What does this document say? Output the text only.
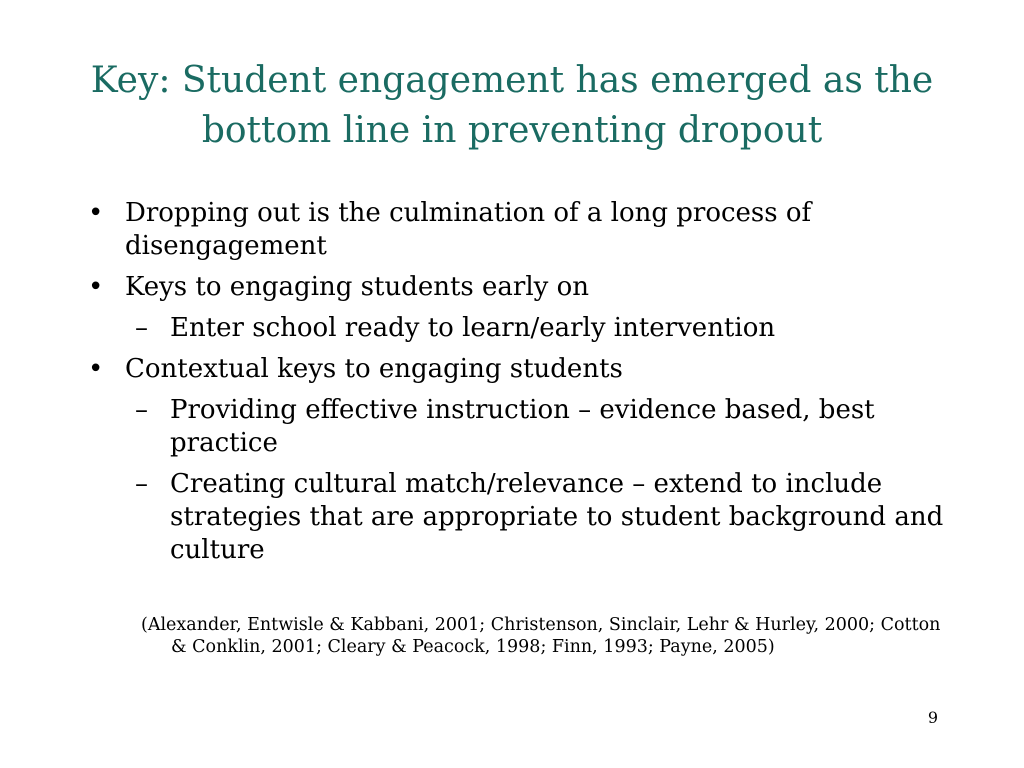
Key: Student engagement has emerged as the
bottom line in preventing dropout
• Dropping out is the culmination of a long process of disengagement
• Keys to engaging students early on
– Enter school ready to learn/early intervention
• Contextual keys to engaging students
– Providing effective instruction – evidence based, best practice
– Creating cultural match/relevance – extend to include strategies that are appropriate to student background and culture
(Alexander, Entwisle & Kabbani, 2001; Christenson, Sinclair, Lehr & Hurley, 2000; Cotton & Conklin, 2001; Cleary & Peacock, 1998; Finn, 1993; Payne, 2005)
9
